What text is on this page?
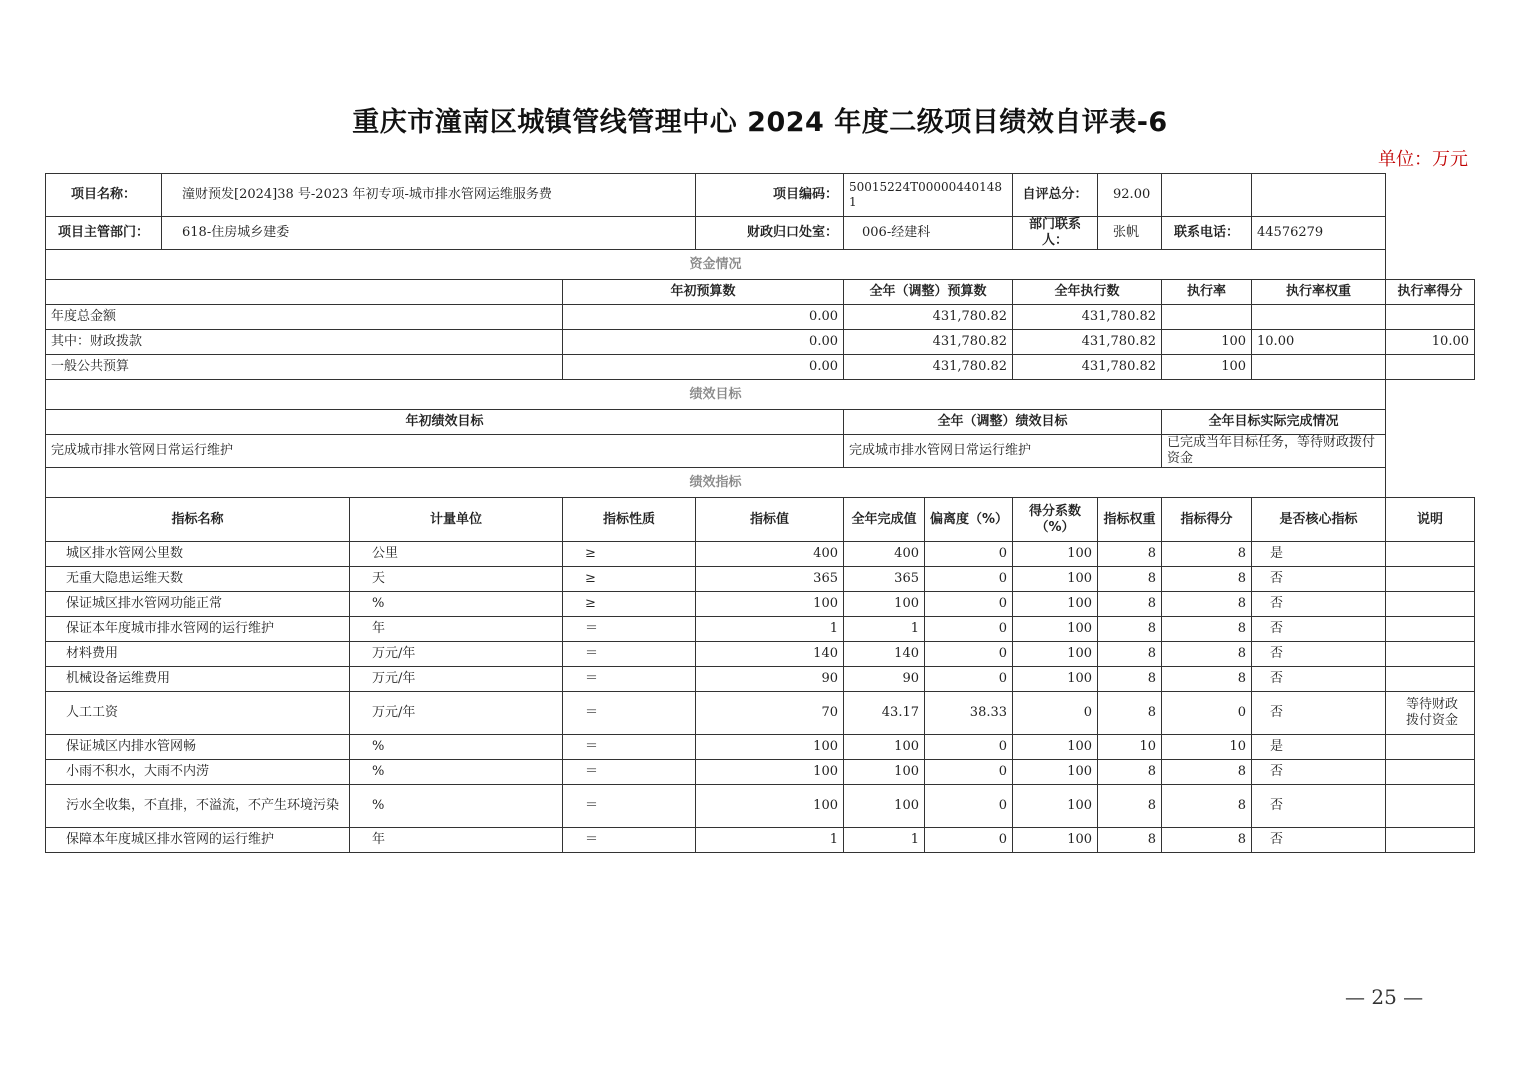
重庆市潼南区城镇管线管理中心 2024 年度二级项目绩效自评表-6
单位：万元
项目名称：	潼财预发[2024]38 号-2023 年初专项-城市排水管网运维服务费			项目编码：	50015224T000004401481		自评总分：	92.00			
项目主管部门：	618-住房城乡建委			财政归口处室：	006-经建科		部门联系人：	张帆	联系电话：	44576279	
资金情况											
			年初预算数		全年（调整）预算数		全年执行数		执行率	执行率权重	执行率得分
年度总金额			0.00		431,780.82		431,780.82				
其中：财政拨款			0.00		431,780.82		431,780.82		100	10.00	10.00
一般公共预算			0.00		431,780.82		431,780.82		100		
绩效目标											
年初绩效目标					全年（调整）绩效目标				全年目标实际完成情况		
完成城市排水管网日常运行维护					完成城市排水管网日常运行维护				已完成当年目标任务，等待财政拨付资金		
绩效指标											
指标名称		计量单位	指标性质	指标值	全年完成值	偏离度（%）	得分系数（%）	指标权重	指标得分	是否核心指标	说明
城区排水管网公里数		公里	≥	400	400	0	100	8	8	是	
无重大隐患运维天数		天	≥	365	365	0	100	8	8	否	
保证城区排水管网功能正常		%	≥	100	100	0	100	8	8	否	
保证本年度城市排水管网的运行维护		年	＝	1	1	0	100	8	8	否	
材料费用		万元/年	＝	140	140	0	100	8	8	否	
机械设备运维费用		万元/年	＝	90	90	0	100	8	8	否	
人工工资		万元/年	＝	70	43.17	38.33	0	8	0	否	等待财政拨付资金
保证城区内排水管网畅		%	＝	100	100	0	100	10	10	是	
小雨不积水，大雨不内涝		%	＝	100	100	0	100	8	8	否	
污水全收集，不直排，不溢流，不产生环境污染		%	＝	100	100	0	100	8	8	否	
保障本年度城区排水管网的运行维护		年	＝	1	1	0	100	8	8	否	
— 25 —
